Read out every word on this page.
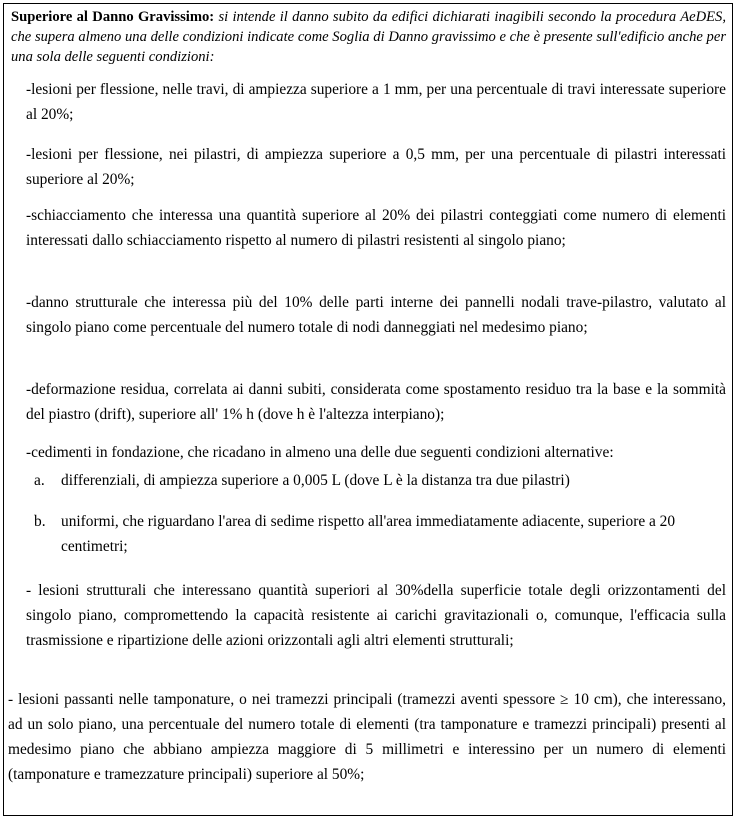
Superiore al Danno Gravissimo: si intende il danno subito da edifici dichiarati inagibili secondo la procedura AeDES, che supera almeno una delle condizioni indicate come Soglia di Danno gravissimo e che è presente sull'edificio anche per una sola delle seguenti condizioni:
-lesioni per flessione, nelle travi, di ampiezza superiore a 1 mm, per una percentuale di travi interessate superiore al 20%;
-lesioni per flessione, nei pilastri, di ampiezza superiore a 0,5 mm, per una percentuale di pilastri interessati superiore al 20%;
-schiacciamento che interessa una quantità superiore al 20% dei pilastri conteggiati come numero di elementi interessati dallo schiacciamento rispetto al numero di pilastri resistenti al singolo piano;
-danno strutturale che interessa più del 10% delle parti interne dei pannelli nodali trave-pilastro, valutato al singolo piano come percentuale del numero totale di nodi danneggiati nel medesimo piano;
-deformazione residua, correlata ai danni subiti, considerata come spostamento residuo tra la base e la sommità del piastro (drift), superiore all' 1% h (dove h è l'altezza interpiano);
-cedimenti in fondazione, che ricadano in almeno una delle due seguenti condizioni alternative:
a.	differenziali, di ampiezza superiore a 0,005 L (dove L è la distanza tra due pilastri)
b.	uniformi, che riguardano l'area di sedime rispetto all'area immediatamente adiacente, superiore a 20 centimetri;
- lesioni strutturali che interessano quantità superiori al 30%della superficie totale degli orizzontamenti del singolo piano, compromettendo la capacità resistente ai carichi gravitazionali o, comunque, l'efficacia sulla trasmissione e ripartizione delle azioni orizzontali agli altri elementi strutturali;
- lesioni passanti nelle tamponature, o nei tramezzi principali (tramezzi aventi spessore ≥ 10 cm), che interessano, ad un solo piano, una percentuale del numero totale di elementi (tra tamponature e tramezzi principali) presenti al medesimo piano che abbiano ampiezza maggiore di 5 millimetri e interessino per un numero di elementi (tamponature e tramezzature principali) superiore al 50%;
